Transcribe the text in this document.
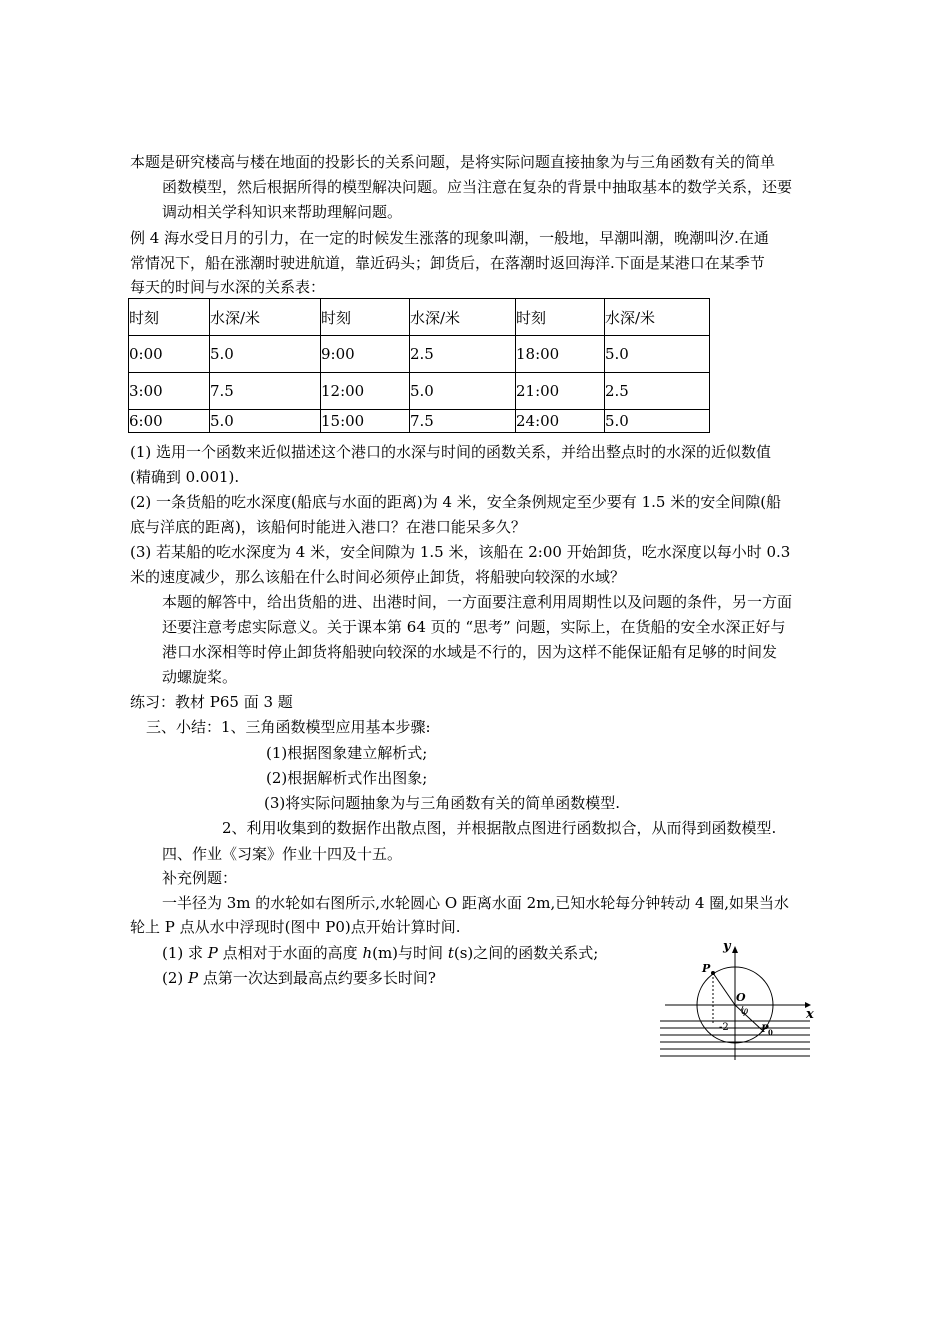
本题是研究楼高与楼在地面的投影长的关系问题，是将实际问题直接抽象为与三角函数有关的简单
函数模型，然后根据所得的模型解决问题。应当注意在复杂的背景中抽取基本的数学关系，还要
调动相关学科知识来帮助理解问题。
例 4 海水受日月的引力，在一定的时候发生涨落的现象叫潮，一般地，早潮叫潮，晚潮叫汐.在通
常情况下，船在涨潮时驶进航道，靠近码头；卸货后，在落潮时返回海洋.下面是某港口在某季节
每天的时间与水深的关系表：
时刻	水深/米	时刻	水深/米	时刻	水深/米
0:00	5.0	9:00	2.5	18:00	5.0
3:00	7.5	12:00	5.0	21:00	2.5
6:00	5.0	15:00	7.5	24:00	5.0
(1) 选用一个函数来近似描述这个港口的水深与时间的函数关系，并给出整点时的水深的近似数值
(精确到 0.001).
(2) 一条货船的吃水深度(船底与水面的距离)为 4 米，安全条例规定至少要有 1.5 米的安全间隙(船
底与洋底的距离)，该船何时能进入港口？在港口能呆多久？
(3) 若某船的吃水深度为 4 米，安全间隙为 1.5 米，该船在 2:00 开始卸货，吃水深度以每小时 0.3
米的速度减少，那么该船在什么时间必须停止卸货，将船驶向较深的水域？
本题的解答中，给出货船的进、出港时间，一方面要注意利用周期性以及问题的条件，另一方面
还要注意考虑实际意义。关于课本第 64 页的 “思考” 问题，实际上，在货船的安全水深正好与
港口水深相等时停止卸货将船驶向较深的水域是不行的，因为这样不能保证船有足够的时间发
动螺旋桨。
练习：教材 P65 面 3 题
三、小结：1、三角函数模型应用基本步骤:
(1)根据图象建立解析式;
(2)根据解析式作出图象;
(3)将实际问题抽象为与三角函数有关的简单函数模型.
2、利用收集到的数据作出散点图，并根据散点图进行函数拟合，从而得到函数模型.
四、作业《习案》作业十四及十五。
补充例题：
一半径为 3m 的水轮如右图所示,水轮圆心 O 距离水面 2m,已知水轮每分钟转动 4 圈,如果当水
轮上 P 点从水中浮现时(图中 P0)点开始计算时间.
(1) 求 P 点相对于水面的高度 h(m)与时间 t(s)之间的函数关系式;
(2) P 点第一次达到最高点约要多长时间?
y
x
O
φ
P
P 0
-2
